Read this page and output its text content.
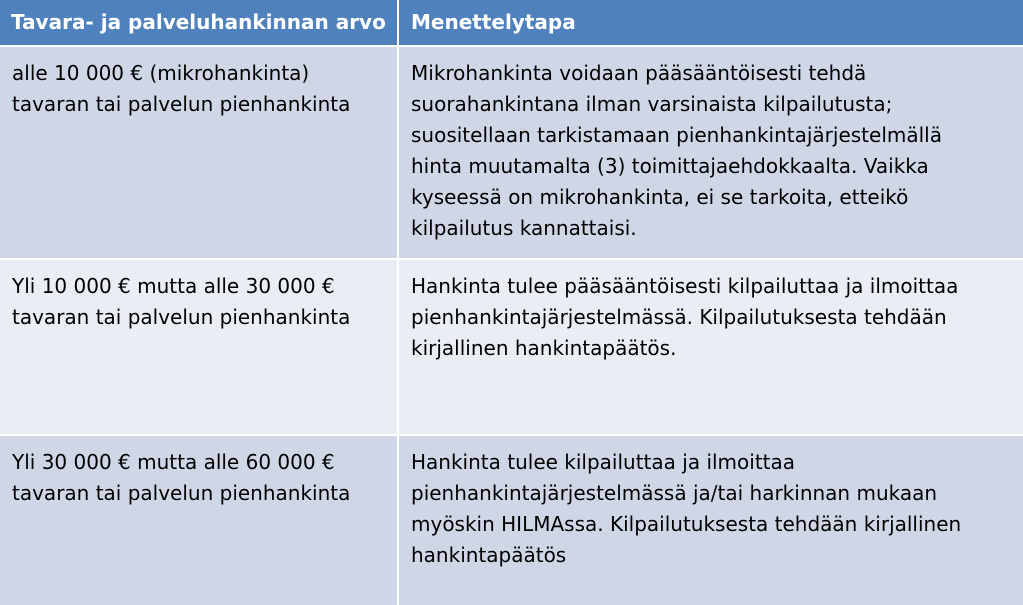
Tavara- ja palveluhankinnan arvo	Menettelytapa
alle 10 000 € (mikrohankinta)
tavaran tai palvelun pienhankinta
Mikrohankinta voidaan pääsääntöisesti tehdä
suorahankintana ilman varsinaista kilpailutusta;
suositellaan tarkistamaan pienhankintajärjestelmällä
hinta muutamalta (3) toimittajaehdokkaalta. Vaikka
kyseessä on mikrohankinta, ei se tarkoita, etteikö
kilpailutus kannattaisi.
Yli 10 000 € mutta alle 30 000 €
tavaran tai palvelun pienhankinta
Hankinta tulee pääsääntöisesti kilpailuttaa ja ilmoittaa
pienhankintajärjestelmässä. Kilpailutuksesta tehdään
kirjallinen hankintapäätös.
Yli 30 000 € mutta alle 60 000 €
tavaran tai palvelun pienhankinta
Hankinta tulee kilpailuttaa ja ilmoittaa
pienhankintajärjestelmässä ja/tai harkinnan mukaan
myöskin HILMAssa. Kilpailutuksesta tehdään kirjallinen
hankintapäätös
